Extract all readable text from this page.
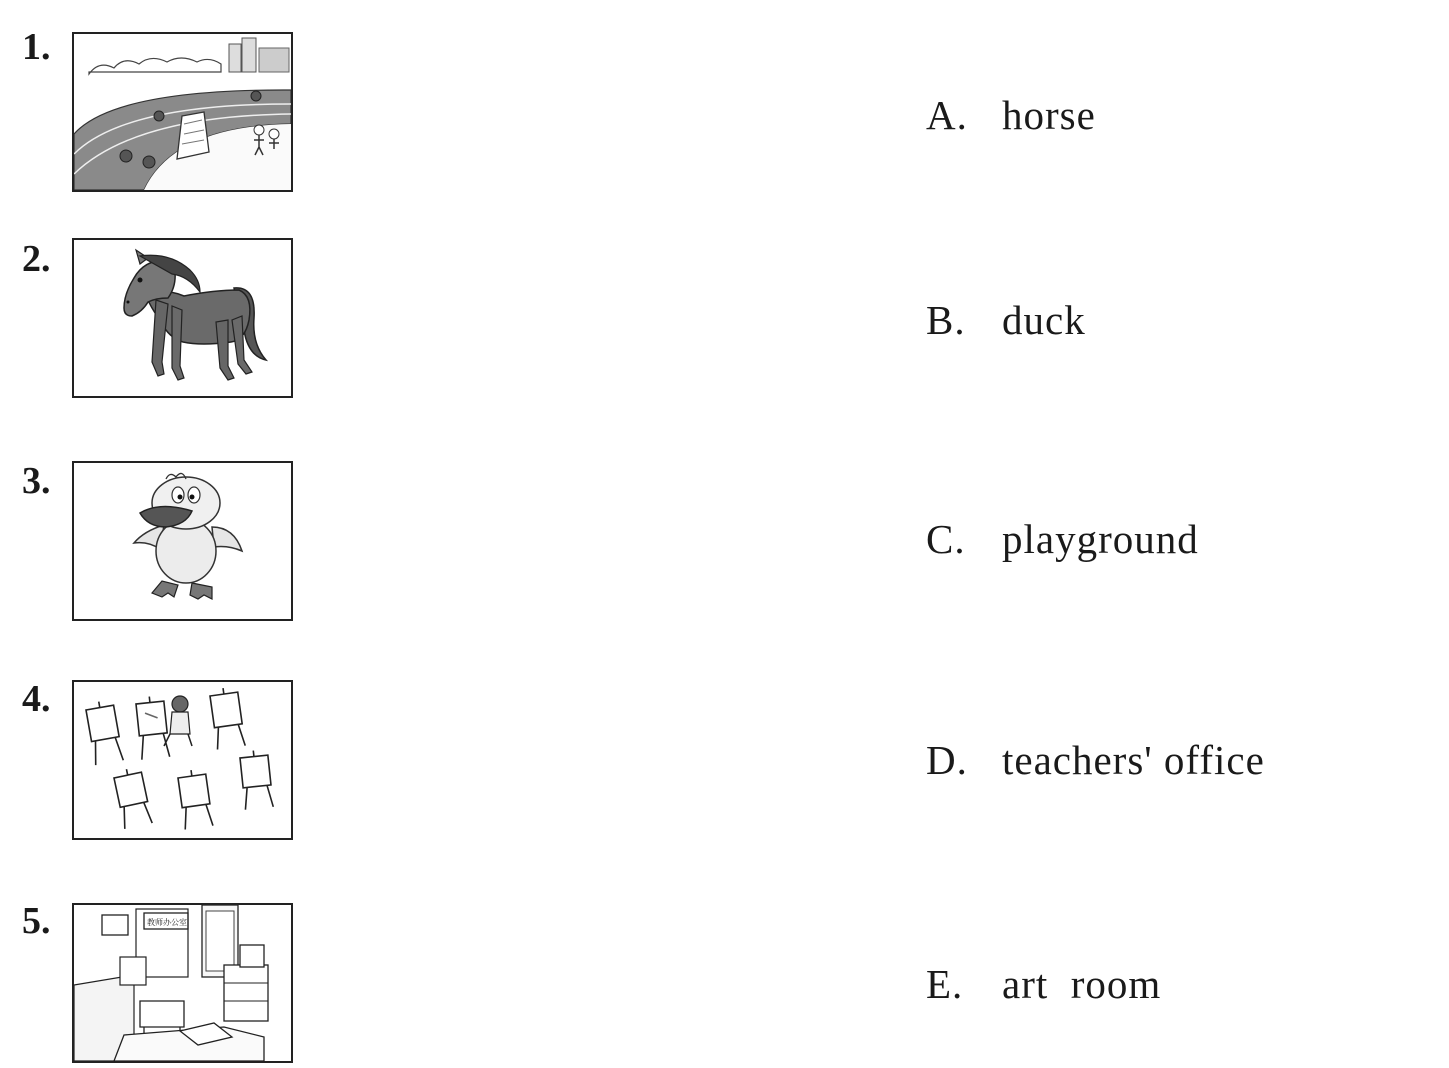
1.
2.
3.
4.
5.	教师办公室
A. horse
B. duck
C. playground
D. teachers' office
E. art  room
